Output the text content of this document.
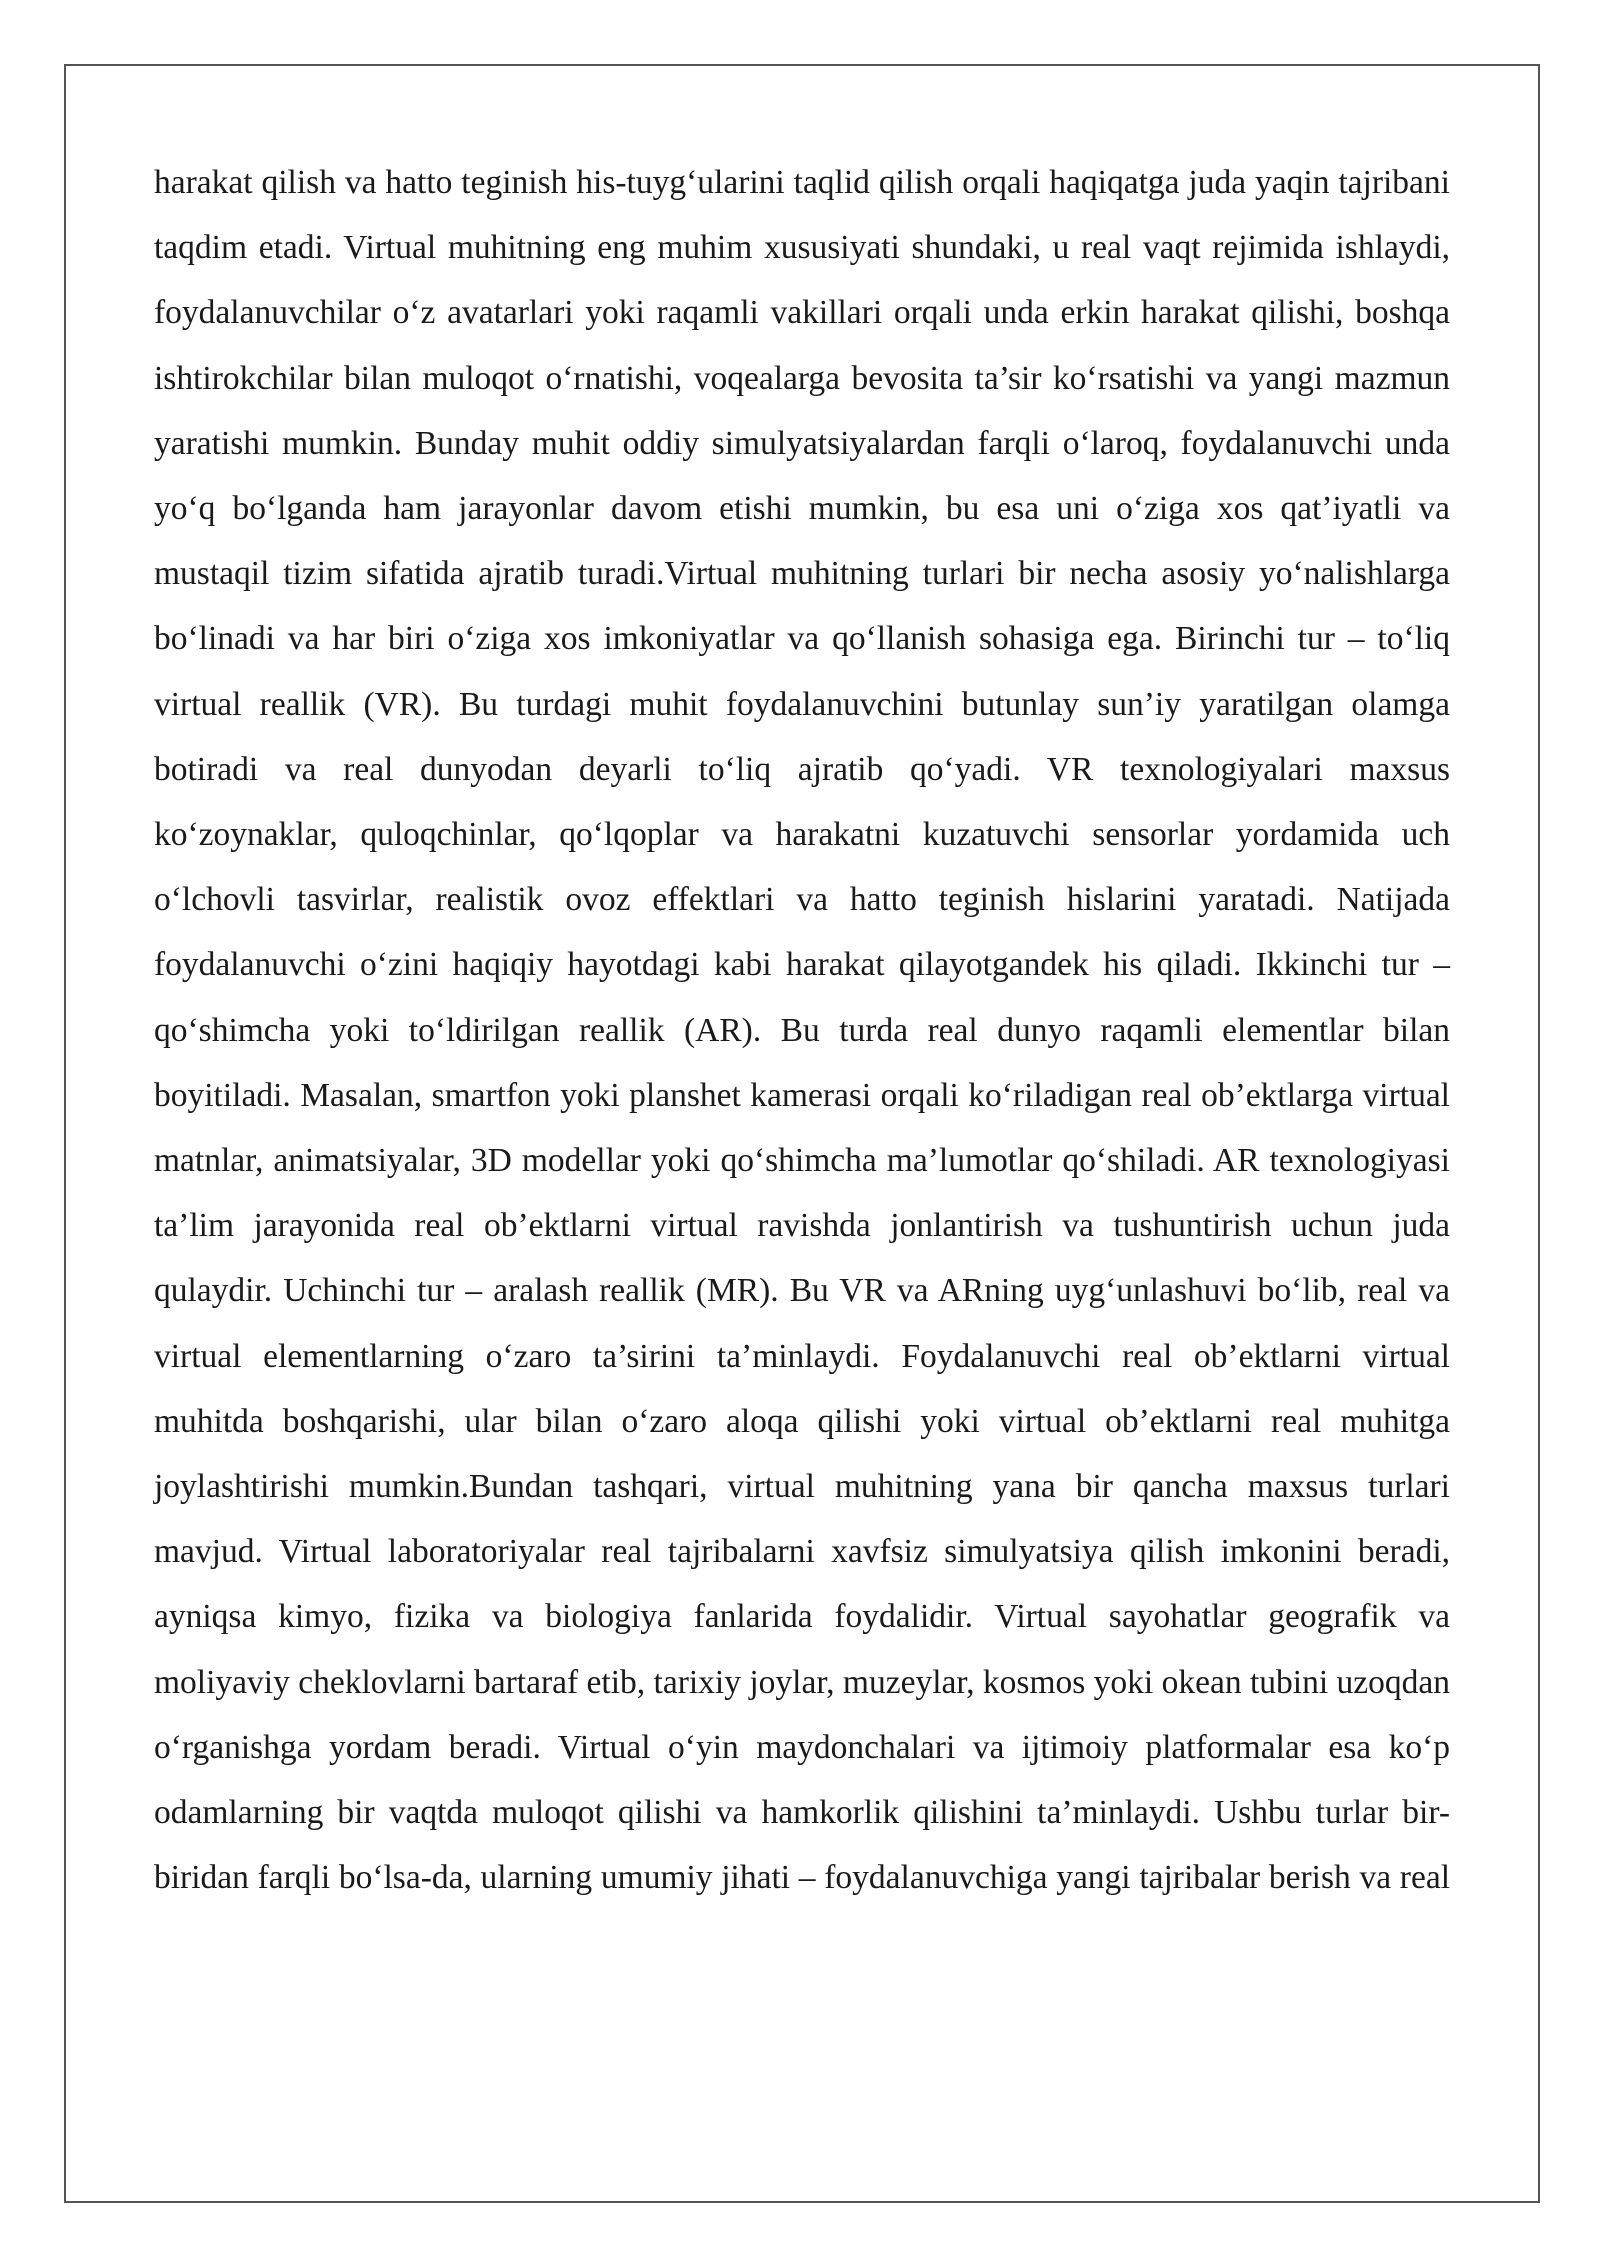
harakat qilish va hatto teginish his-tuyg‘ularini taqlid qilish orqali haqiqatga juda yaqin tajribani taqdim etadi. Virtual muhitning eng muhim xususiyati shundaki, u real vaqt rejimida ishlaydi, foydalanuvchilar o‘z avatarlari yoki raqamli vakillari orqali unda erkin harakat qilishi, boshqa ishtirokchilar bilan muloqot o‘rnatishi, voqealarga bevosita ta’sir ko‘rsatishi va yangi mazmun yaratishi mumkin. Bunday muhit oddiy simulyatsiyalardan farqli o‘laroq, foydalanuvchi unda yo‘q bo‘lganda ham jarayonlar davom etishi mumkin, bu esa uni o‘ziga xos qat’iyatli va mustaqil tizim sifatida ajratib turadi.Virtual muhitning turlari bir necha asosiy yo‘nalishlarga bo‘linadi va har biri o‘ziga xos imkoniyatlar va qo‘llanish sohasiga ega. Birinchi tur – to‘liq virtual reallik (VR). Bu turdagi muhit foydalanuvchini butunlay sun’iy yaratilgan olamga botiradi va real dunyodan deyarli to‘liq ajratib qo‘yadi. VR texnologiyalari maxsus ko‘zoynaklar, quloqchinlar, qo‘lqoplar va harakatni kuzatuvchi sensorlar yordamida uch o‘lchovli tasvirlar, realistik ovoz effektlari va hatto teginish hislarini yaratadi. Natijada foydalanuvchi o‘zini haqiqiy hayotdagi kabi harakat qilayotgandek his qiladi. Ikkinchi tur – qo‘shimcha yoki to‘ldirilgan reallik (AR). Bu turda real dunyo raqamli elementlar bilan boyitiladi. Masalan, smartfon yoki planshet kamerasi orqali ko‘riladigan real ob’ektlarga virtual matnlar, animatsiyalar, 3D modellar yoki qo‘shimcha ma’lumotlar qo‘shiladi. AR texnologiyasi ta’lim jarayonida real ob’ektlarni virtual ravishda jonlantirish va tushuntirish uchun juda qulaydir. Uchinchi tur – aralash reallik (MR). Bu VR va ARning uyg‘unlashuvi bo‘lib, real va virtual elementlarning o‘zaro ta’sirini ta’minlaydi. Foydalanuvchi real ob’ektlarni virtual muhitda boshqarishi, ular bilan o‘zaro aloqa qilishi yoki virtual ob’ektlarni real muhitga joylashtirishi mumkin.Bundan tashqari, virtual muhitning yana bir qancha maxsus turlari mavjud. Virtual laboratoriyalar real tajribalarni xavfsiz simulyatsiya qilish imkonini beradi, ayniqsa kimyo, fizika va biologiya fanlarida foydalidir. Virtual sayohatlar geografik va moliyaviy cheklovlarni bartaraf etib, tarixiy joylar, muzeylar, kosmos yoki okean tubini uzoqdan o‘rganishga yordam beradi. Virtual o‘yin maydonchalari va ijtimoiy platformalar esa ko‘p odamlarning bir vaqtda muloqot qilishi va hamkorlik qilishini ta’minlaydi. Ushbu turlar bir-biridan farqli bo‘lsa-da, ularning umumiy jihati – foydalanuvchiga yangi tajribalar berish va real
